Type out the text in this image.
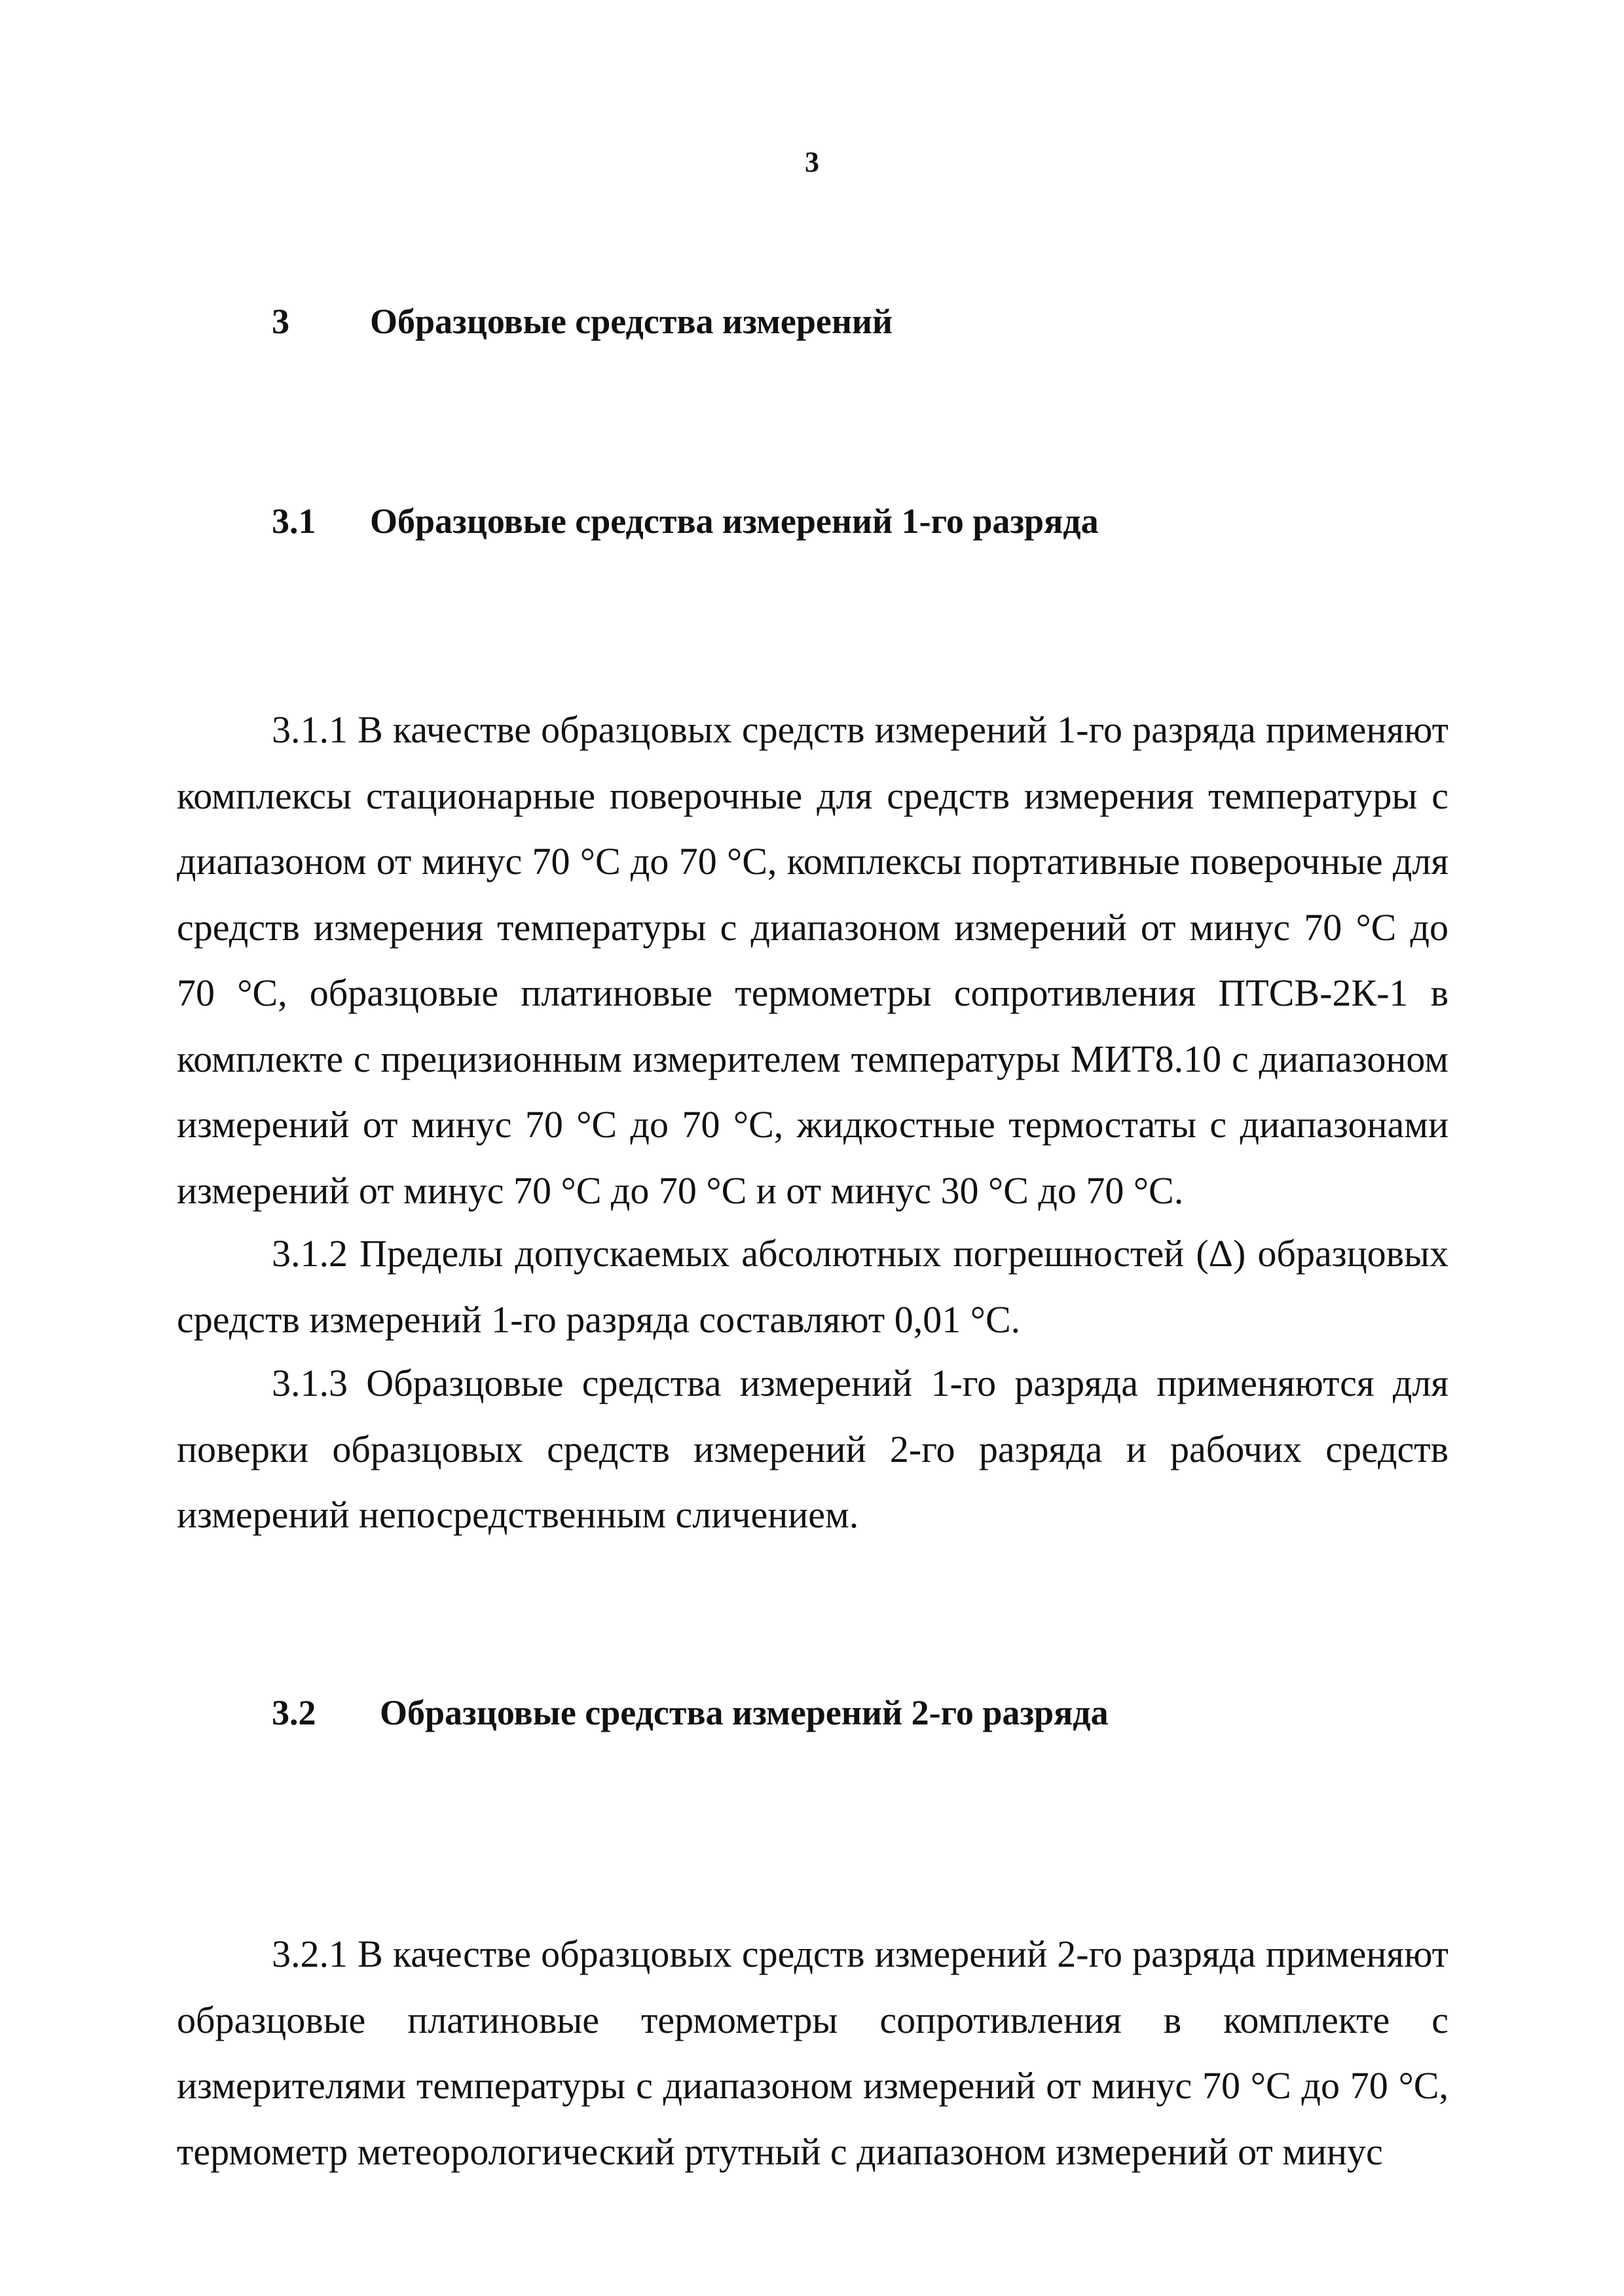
3
3 Образцовые средства измерений
3.1 Образцовые средства измерений 1-го разряда

3.1.1 В качестве образцовых средств измерений 1-го разряда применяют комплексы стационарные поверочные для средств измерения температуры с диапазоном от минус 70 °С до 70 °С, комплексы портативные поверочные для средств измерения температуры с диапазоном измерений от минус 70 °С до 70 °С, образцовые платиновые термометры сопротивления ПТСВ-2К-1 в комплекте с прецизионным измерителем температуры МИТ8.10 с диапазоном измерений от минус 70 °С до 70 °С, жидкостные термостаты с диапазонами измерений от минус 70 °С до 70 °С и от минус 30 °С до 70 °С.

3.1.2 Пределы допускаемых абсолютных погрешностей (Δ) образцовых средств измерений 1-го разряда составляют 0,01 °С.

3.1.3 Образцовые средства измерений 1-го разряда применяются для поверки образцовых средств измерений 2-го разряда и рабочих средств измерений непосредственным сличением.

3.2 Образцовые средства измерений 2-го разряда

3.2.1 В качестве образцовых средств измерений 2-го разряда применяют образцовые платиновые термометры сопротивления в комплекте с измерителями температуры с диапазоном измерений от минус 70 °С до 70 °С, термометр метеорологический ртутный с диапазоном измерений от минус
